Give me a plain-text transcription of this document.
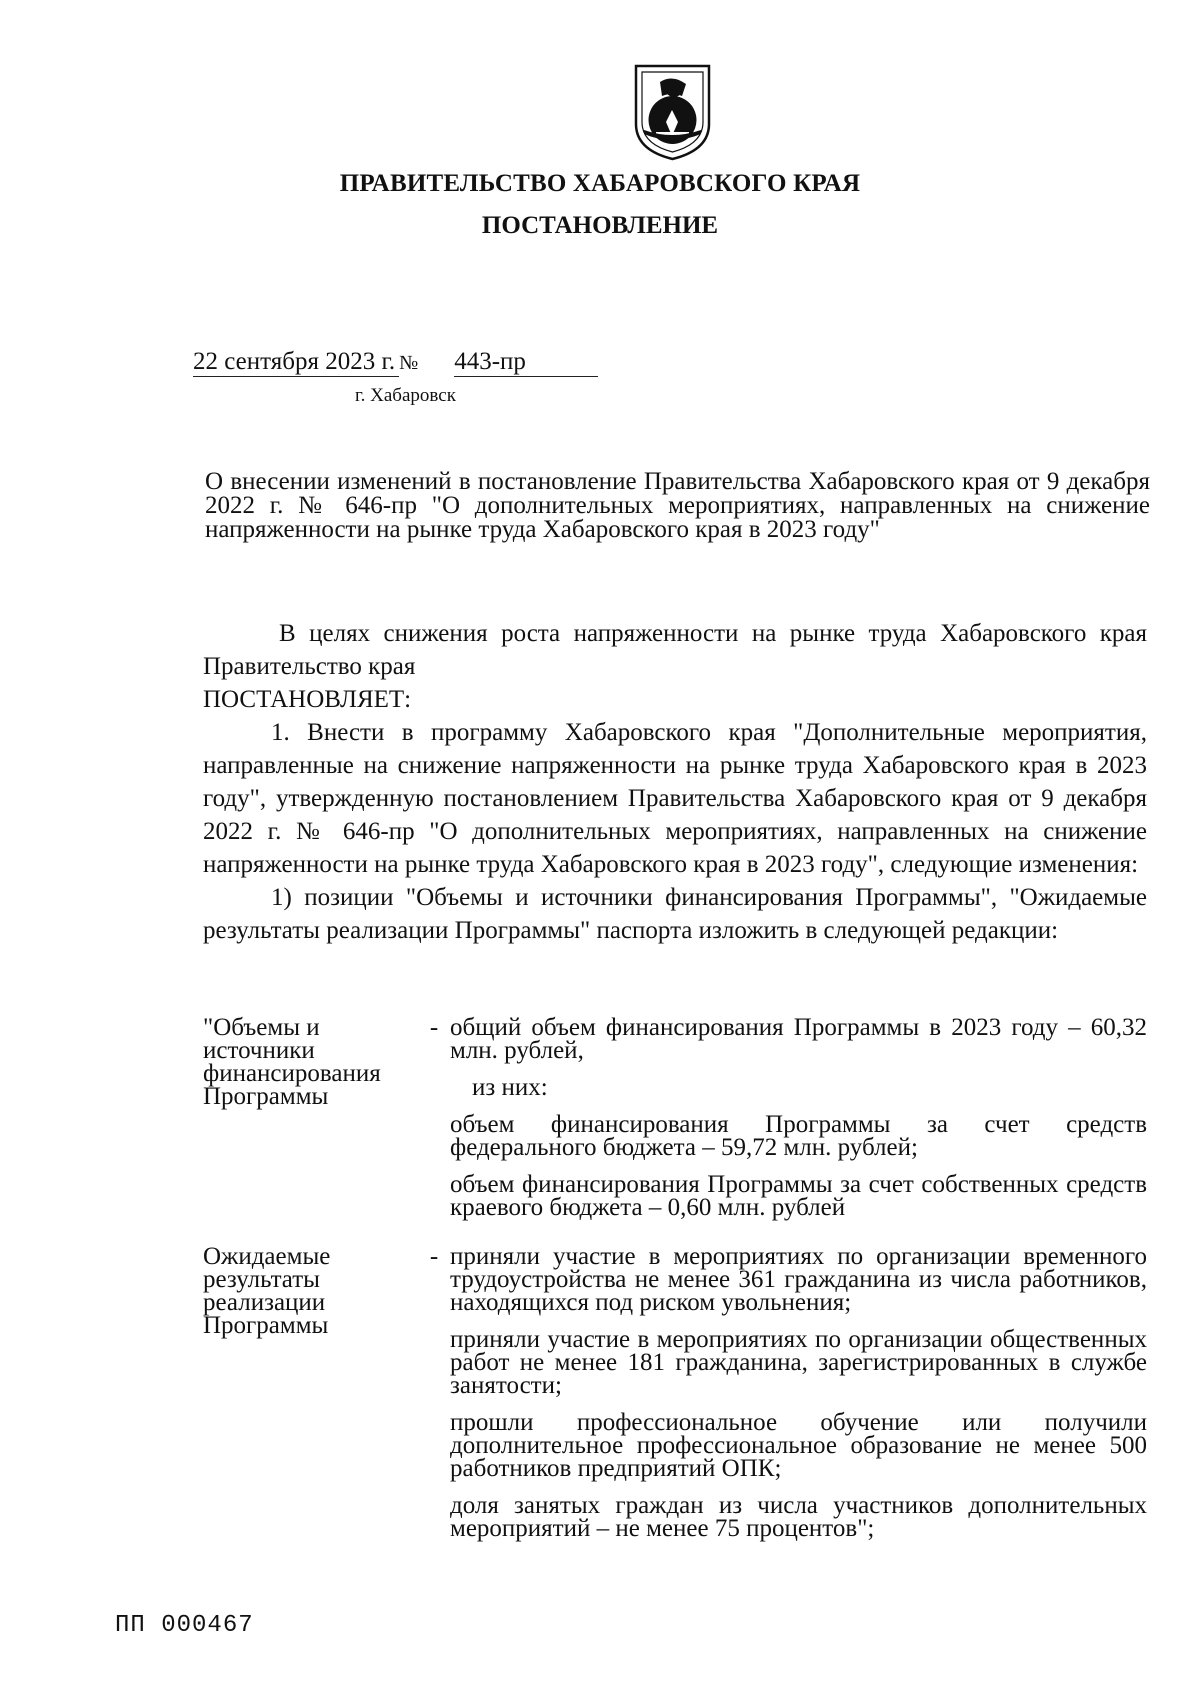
ПРАВИТЕЛЬСТВО ХАБАРОВСКОГО КРАЯ
ПОСТАНОВЛЕНИЕ
22 сентября 2023 г. № 443-пр
г. Хабаровск
О внесении изменений в постановление Правительства Хабаровского края от 9 декабря 2022 г. № 646-пр "О дополнительных мероприятиях, направленных на снижение напряженности на рынке труда Хабаровского края в 2023 году"

В целях снижения роста напряженности на рынке труда Хабаровского края Правительство края

ПОСТАНОВЛЯЕТ:

1. Внести в программу Хабаровского края "Дополнительные мероприятия, направленные на снижение напряженности на рынке труда Хабаровского края в 2023 году", утвержденную постановлением Правительства Хабаровского края от 9 декабря 2022 г. № 646-пр "О дополнительных мероприятиях, направленных на снижение напряженности на рынке труда Хабаровского края в 2023 году", следующие изменения:

1) позиции "Объемы и источники финансирования Программы", "Ожидаемые результаты реализации Программы" паспорта изложить в следующей редакции:

"Объемы и источники финансирования Программы
- общий объем финансирования Программы в 2023 году – 60,32 млн. рублей,
из них:
объем финансирования Программы за счет средств федерального бюджета – 59,72 млн. рублей;
объем финансирования Программы за счет собственных средств краевого бюджета – 0,60 млн. рублей
Ожидаемые результаты реализации Программы
- приняли участие в мероприятиях по организации временного трудоустройства не менее 361 гражданина из числа работников, находящихся под риском увольнения;
приняли участие в мероприятиях по организации общественных работ не менее 181 гражданина, зарегистрированных в службе занятости;
прошли профессиональное обучение или получили дополнительное профессиональное образование не менее 500 работников предприятий ОПК;
доля занятых граждан из числа участников дополнительных мероприятий – не менее 75 процентов";
ПП 000467
